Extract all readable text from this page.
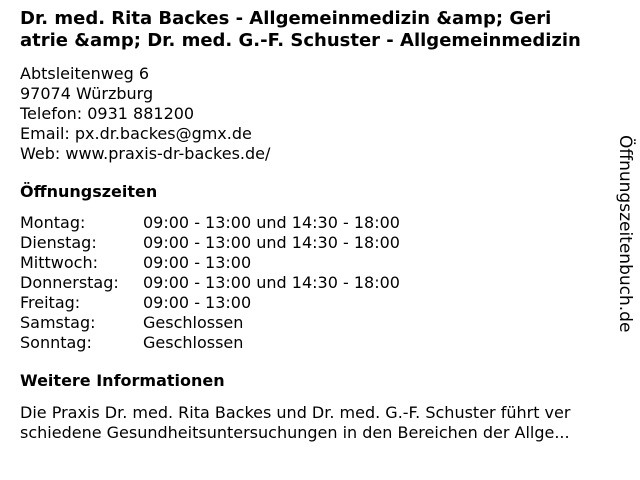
Dr. med. Rita Backes - Allgemeinmedizin &amp; Geri
atrie &amp; Dr. med. G.-F. Schuster - Allgemeinmedizin
Abtsleitenweg 6
97074 Würzburg
Telefon: 0931 881200
Email: px.dr.backes@gmx.de
Web: www.praxis-dr-backes.de/
Öffnungszeiten
Montag:	09:00 - 13:00 und 14:30 - 18:00
Dienstag:	09:00 - 13:00 und 14:30 - 18:00
Mittwoch:	09:00 - 13:00
Donnerstag:	09:00 - 13:00 und 14:30 - 18:00
Freitag:	09:00 - 13:00
Samstag:	Geschlossen
Sonntag:	Geschlossen
Weitere Informationen
Die Praxis Dr. med. Rita Backes und Dr. med. G.-F. Schuster führt ver
schiedene Gesundheitsuntersuchungen in den Bereichen der Allge...
Öffnungszeitenbuch.de
